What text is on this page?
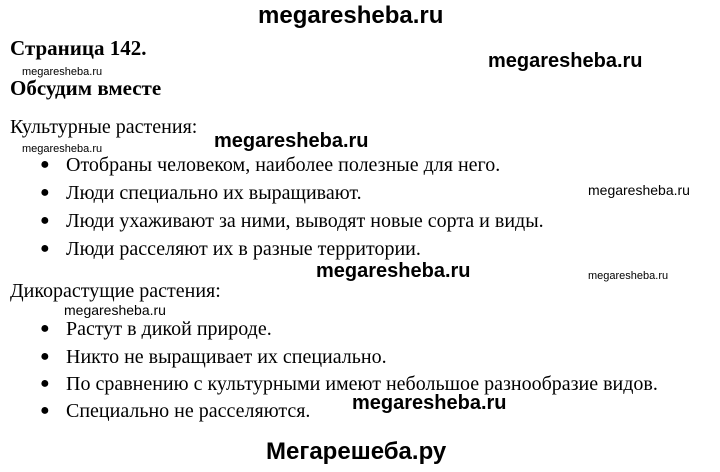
megaresheba.ru
Страница 142.
megaresheba.ru
megaresheba.ru
Обсудим вместе
Культурные растения:
megaresheba.ru
megaresheba.ru
● Отобраны человеком, наиболее полезные для него.
● Люди специально их выращивают.
● Люди ухаживают за ними, выводят новые сорта и виды.
● Люди расселяют их в разные территории.
megaresheba.ru
megaresheba.ru	megaresheba.ru
Дикорастущие растения:
megaresheba.ru
● Растут в дикой природе.
● Никто не выращивает их специально.
● По сравнению с культурными имеют небольшое разнообразие видов.
● Специально не расселяются. megaresheba.ru
Мегарешеба.ру
